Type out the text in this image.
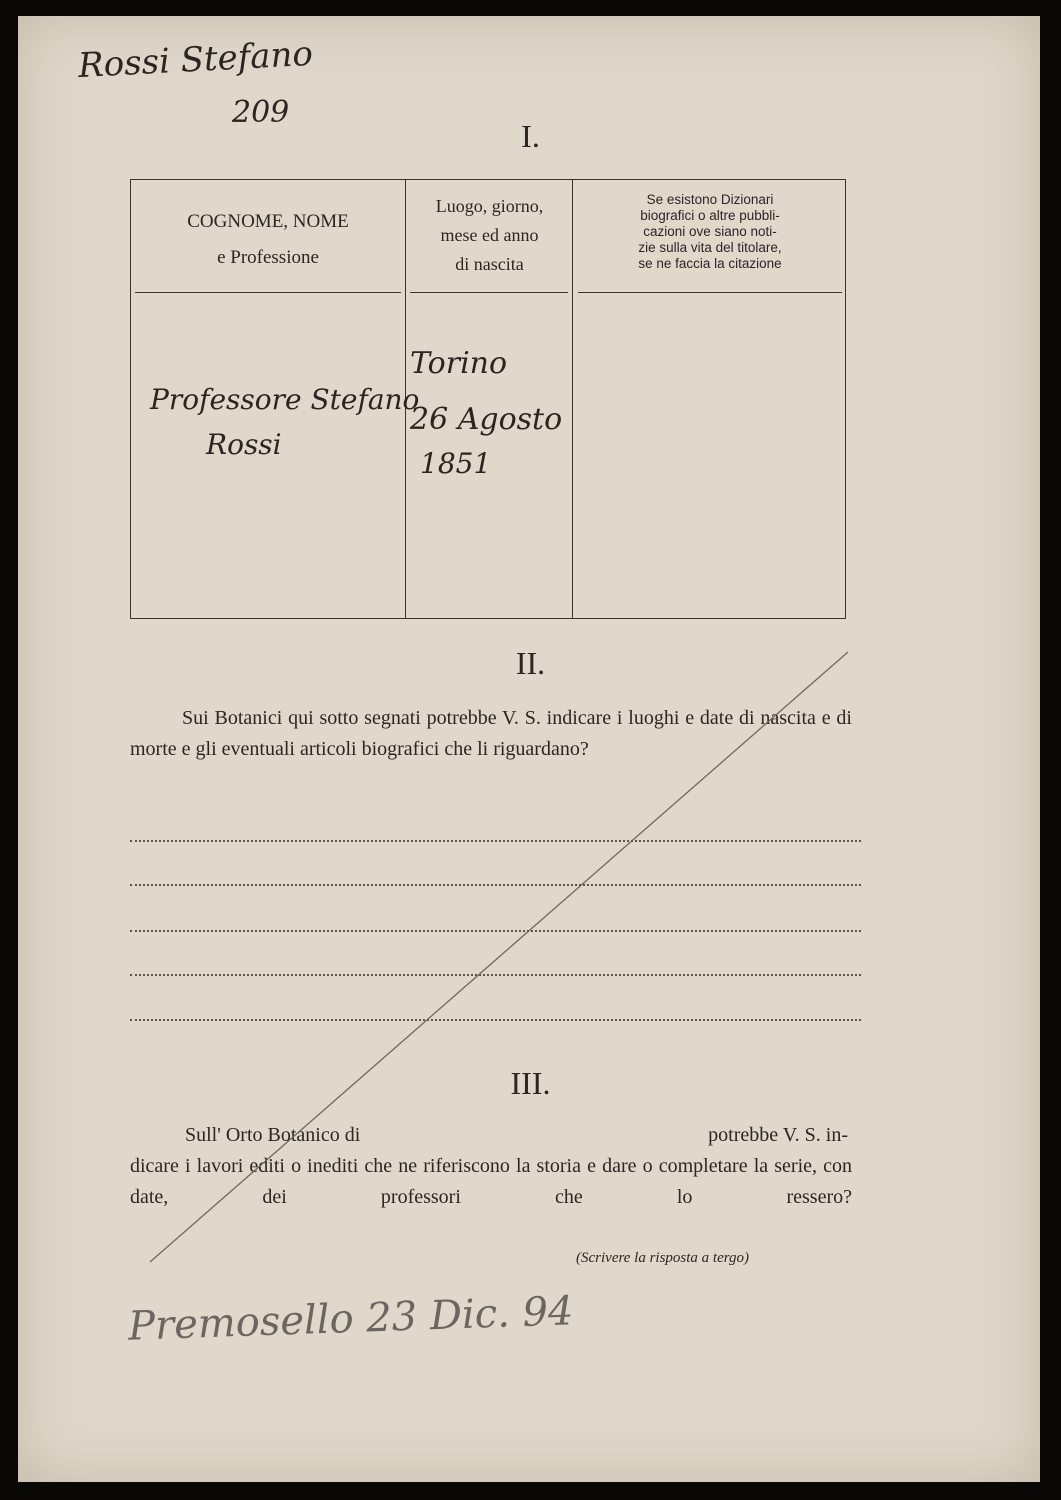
Rossi Stefano
209
I.
COGNOME, NOME
e Professione
Luogo, giorno,
mese ed anno
di nascita
Se esistono Dizionari
biografici o altre pubbli-
cazioni ove siano noti-
zie sulla vita del titolare,
se ne faccia la citazione
Professore Stefano
Rossi
Torino
26 Agosto
1851
II.
Sui Botanici qui sotto segnati potrebbe V. S. indicare i luoghi e date di nascita e di morte e gli eventuali articoli biografici che li riguardano?
III.
Sull' Orto Botanico di	potrebbe V. S. in-
dicare i lavori editi o inediti che ne riferiscono la storia e dare o completare la serie, con date, dei professori che lo ressero?
(Scrivere la risposta a tergo)
Premosello 23 Dic. 94
